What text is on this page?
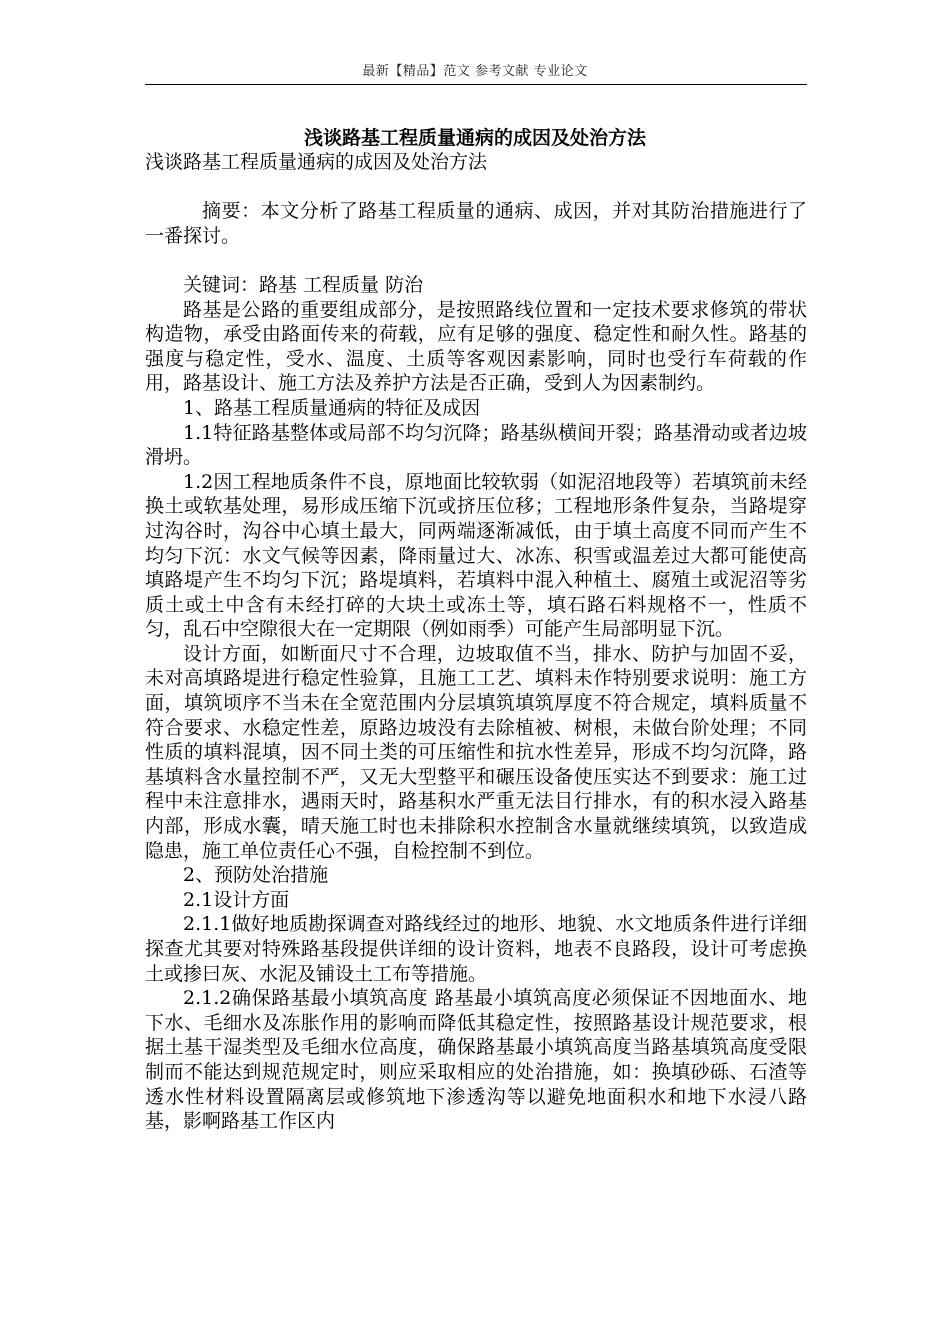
最新【精品】范文 参考文献 专业论文
浅谈路基工程质量通病的成因及处治方法

浅谈路基工程质量通病的成因及处治方法

摘要：本文分析了路基工程质量的通病、成因，并对其防治措施进行了一番探讨。

关键词：路基 工程质量 防治

路基是公路的重要组成部分，是按照路线位置和一定技术要求修筑的带状构造物，承受由路面传来的荷载，应有足够的强度、稳定性和耐久性。路基的强度与稳定性，受水、温度、土质等客观因素影响，同时也受行车荷载的作用，路基设计、施工方法及养护方法是否正确，受到人为因素制约。

1、路基工程质量通病的特征及成因

1.1特征路基整体或局部不均匀沉降；路基纵横间开裂；路基滑动或者边坡滑坍。

1.2因工程地质条件不良，原地面比较软弱（如泥沼地段等）若填筑前未经换土或软基处理，易形成压缩下沉或挤压位移；工程地形条件复杂，当路堤穿过沟谷时，沟谷中心填土最大，同两端逐渐减低，由于填土高度不同而产生不均匀下沉：水文气候等因素，降雨量过大、冰冻、积雪或温差过大都可能使高填路堤产生不均匀下沉；路堤填料，若填料中混入种植土、腐殖土或泥沼等劣质土或土中含有未经打碎的大块土或冻土等，填石路石料规格不一，性质不匀，乱石中空隙很大在一定期限（例如雨季）可能产生局部明显下沉。

设计方面，如断面尺寸不合理，边坡取值不当，排水、防护与加固不妥，未对高填路堤进行稳定性验算，且施工工艺、填料未作特别要求说明：施工方面，填筑顷序不当未在全宽范围内分层填筑填筑厚度不符合规定，填料质量不符合要求、水稳定性差，原路边坡没有去除植被、树根，未做台阶处理；不同性质的填料混填，因不同土类的可压缩性和抗水性差异，形成不均匀沉降，路基填料含水量控制不严，又无大型整平和碾压设备使压实达不到要求：施工过程中未注意排水，遇雨天时，路基积水严重无法目行排水，有的积水浸入路基内部，形成水囊，晴天施工时也未排除积水控制含水量就继续填筑，以致造成隐患，施工单位责任心不强，自检控制不到位。

2、预防处治措施

2.1设计方面

2.1.1做好地质勘探调查对路线经过的地形、地貌、水文地质条件进行详细探查尤其要对特殊路基段提供详细的设计资料，地表不良路段，设计可考虑换土或掺曰灰、水泥及铺设土工布等措施。

2.1.2确保路基最小填筑高度 路基最小填筑高度必须保证不因地面水、地下水、毛细水及冻胀作用的影响而降低其稳定性，按照路基设计规范要求，根据土基干湿类型及毛细水位高度，确保路基最小填筑高度当路基填筑高度受限制而不能达到规范规定时，则应采取相应的处治措施，如：换填砂砾、石渣等透水性材料设置隔离层或修筑地下渗透沟等以避免地面积水和地下水浸八路基，影啊路基工作区内
